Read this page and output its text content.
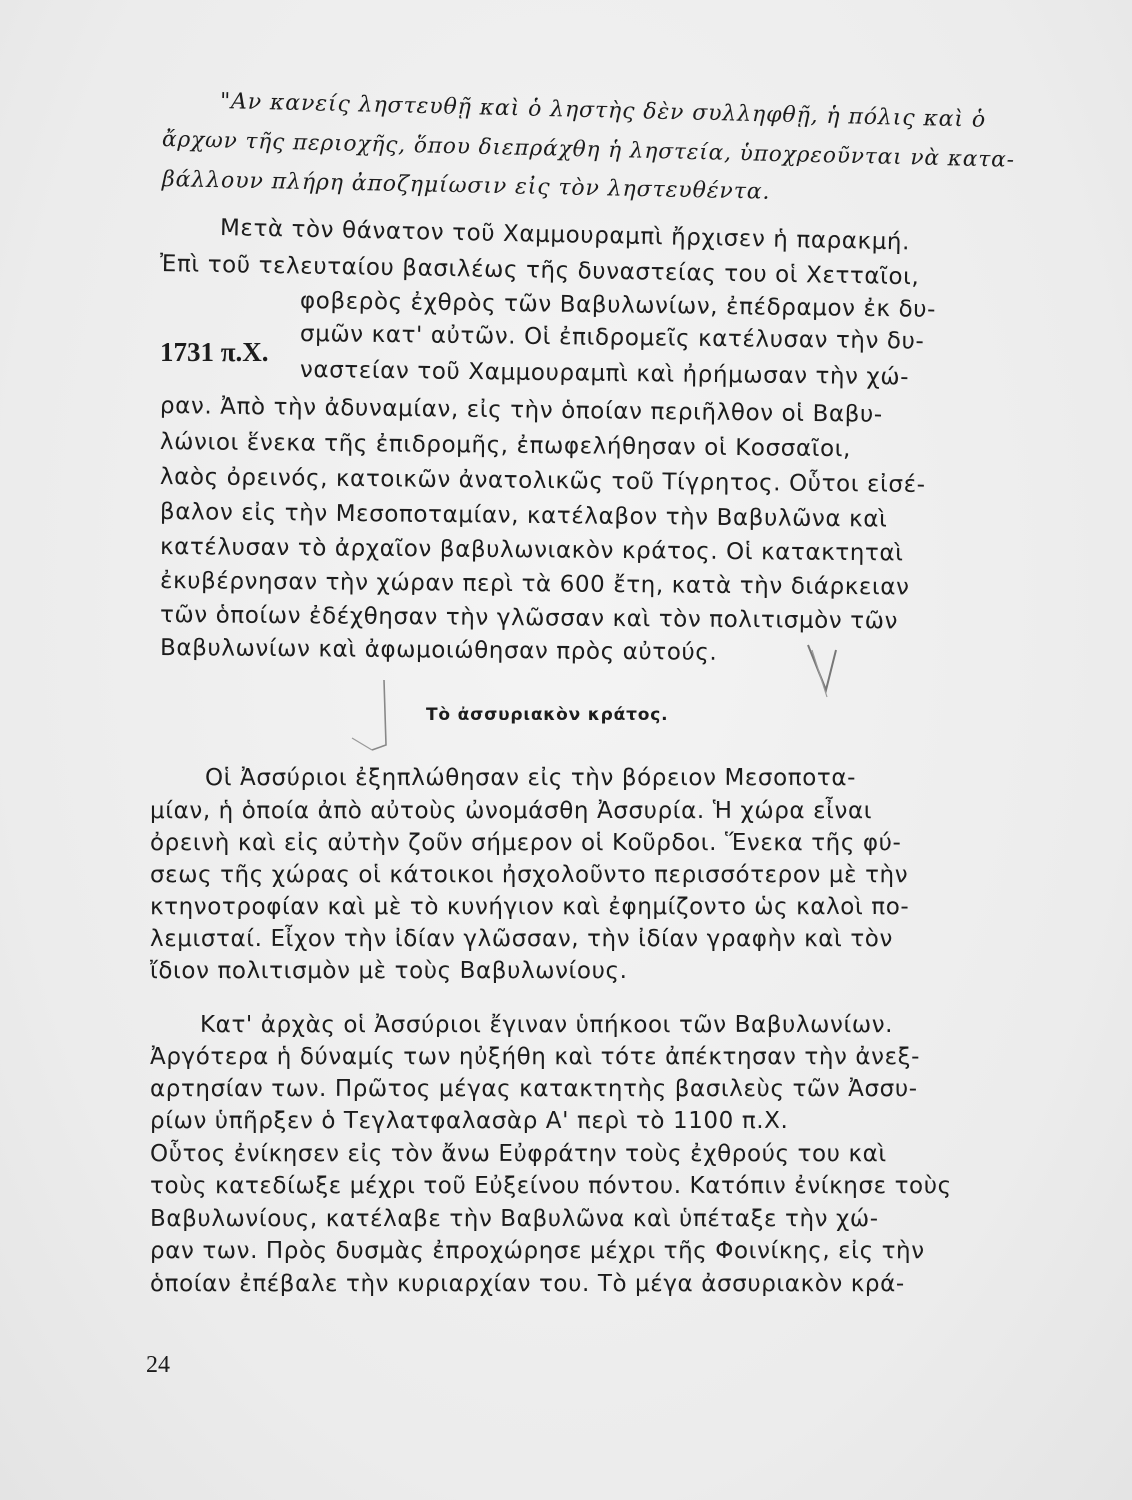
"Αν κανείς ληστευθῇ καὶ ὁ ληστὴς δὲν συλληφθῇ, ἡ πόλις καὶ ὁ

ἄρχων τῆς περιοχῆς, ὅπου διεπράχθη ἡ ληστεία, ὑποχρεοῦνται νὰ κατα-

βάλλουν πλήρη ἀποζημίωσιν εἰς τὸν ληστευθέντα.

Μετὰ τὸν θάνατον τοῦ Χαμμουραμπὶ ἤρχισεν ἡ παρακμή.

Ἐπὶ τοῦ τελευταίου βασιλέως τῆς δυναστείας του οἱ Χετταῖοι,

φοβερὸς ἐχθρὸς τῶν Βαβυλωνίων, ἐπέδραμον ἐκ δυ-

1731 π.Χ. σμῶν κατ' αὐτῶν. Οἱ ἐπιδρομεῖς κατέλυσαν τὴν δυ-

ναστείαν τοῦ Χαμμουραμπὶ καὶ ἠρήμωσαν τὴν χώ-

ραν. Ἀπὸ τὴν ἀδυναμίαν, εἰς τὴν ὁποίαν περιῆλθον οἱ Βαβυ-

λώνιοι ἕνεκα τῆς ἐπιδρομῆς, ἐπωφελήθησαν οἱ Κοσσαῖοι,

λαὸς ὀρεινός, κατοικῶν ἀνατολικῶς τοῦ Τίγρητος. Οὗτοι εἰσέ-

βαλον εἰς τὴν Μεσοποταμίαν, κατέλαβον τὴν Βαβυλῶνα καὶ

κατέλυσαν τὸ ἀρχαῖον βαβυλωνιακὸν κράτος. Οἱ κατακτηταὶ

ἐκυβέρνησαν τὴν χώραν περὶ τὰ 600 ἔτη, κατὰ τὴν διάρκειαν

τῶν ὁποίων ἐδέχθησαν τὴν γλῶσσαν καὶ τὸν πολιτισμὸν τῶν

Βαβυλωνίων καὶ ἀφωμοιώθησαν πρὸς αὐτούς.

Τὸ ἀσσυριακὸν κράτος.

Οἱ Ἀσσύριοι ἐξηπλώθησαν εἰς τὴν βόρειον Μεσοποτα-

μίαν, ἡ ὁποία ἀπὸ αὐτοὺς ὠνομάσθη Ἀσσυρία. Ἡ χώρα εἶναι

ὀρεινὴ καὶ εἰς αὐτὴν ζοῦν σήμερον οἱ Κοῦρδοι. Ἕνεκα τῆς φύ-

σεως τῆς χώρας οἱ κάτοικοι ἠσχολοῦντο περισσότερον μὲ τὴν

κτηνοτροφίαν καὶ μὲ τὸ κυνήγιον καὶ ἐφημίζοντο ὡς καλοὶ πο-

λεμισταί. Εἶχον τὴν ἰδίαν γλῶσσαν, τὴν ἰδίαν γραφὴν καὶ τὸν

ἴδιον πολιτισμὸν μὲ τοὺς Βαβυλωνίους.

Κατ' ἀρχὰς οἱ Ἀσσύριοι ἔγιναν ὑπήκοοι τῶν Βαβυλωνίων.

Ἀργότερα ἡ δύναμίς των ηὐξήθη καὶ τότε ἀπέκτησαν τὴν ἀνεξ-

αρτησίαν των. Πρῶτος μέγας κατακτητὴς βασιλεὺς τῶν Ἀσσυ-

ρίων ὑπῆρξεν ὁ Τεγλατφαλασὰρ Α' περὶ τὸ 1100 π.Χ.

Οὗτος ἐνίκησεν εἰς τὸν ἄνω Εὐφράτην τοὺς ἐχθρούς του καὶ

τοὺς κατεδίωξε μέχρι τοῦ Εὐξείνου πόντου. Κατόπιν ἐνίκησε τοὺς

Βαβυλωνίους, κατέλαβε τὴν Βαβυλῶνα καὶ ὑπέταξε τὴν χώ-

ραν των. Πρὸς δυσμὰς ἐπροχώρησε μέχρι τῆς Φοινίκης, εἰς τὴν

ὁποίαν ἐπέβαλε τὴν κυριαρχίαν του. Τὸ μέγα ἀσσυριακὸν κρά-

24
